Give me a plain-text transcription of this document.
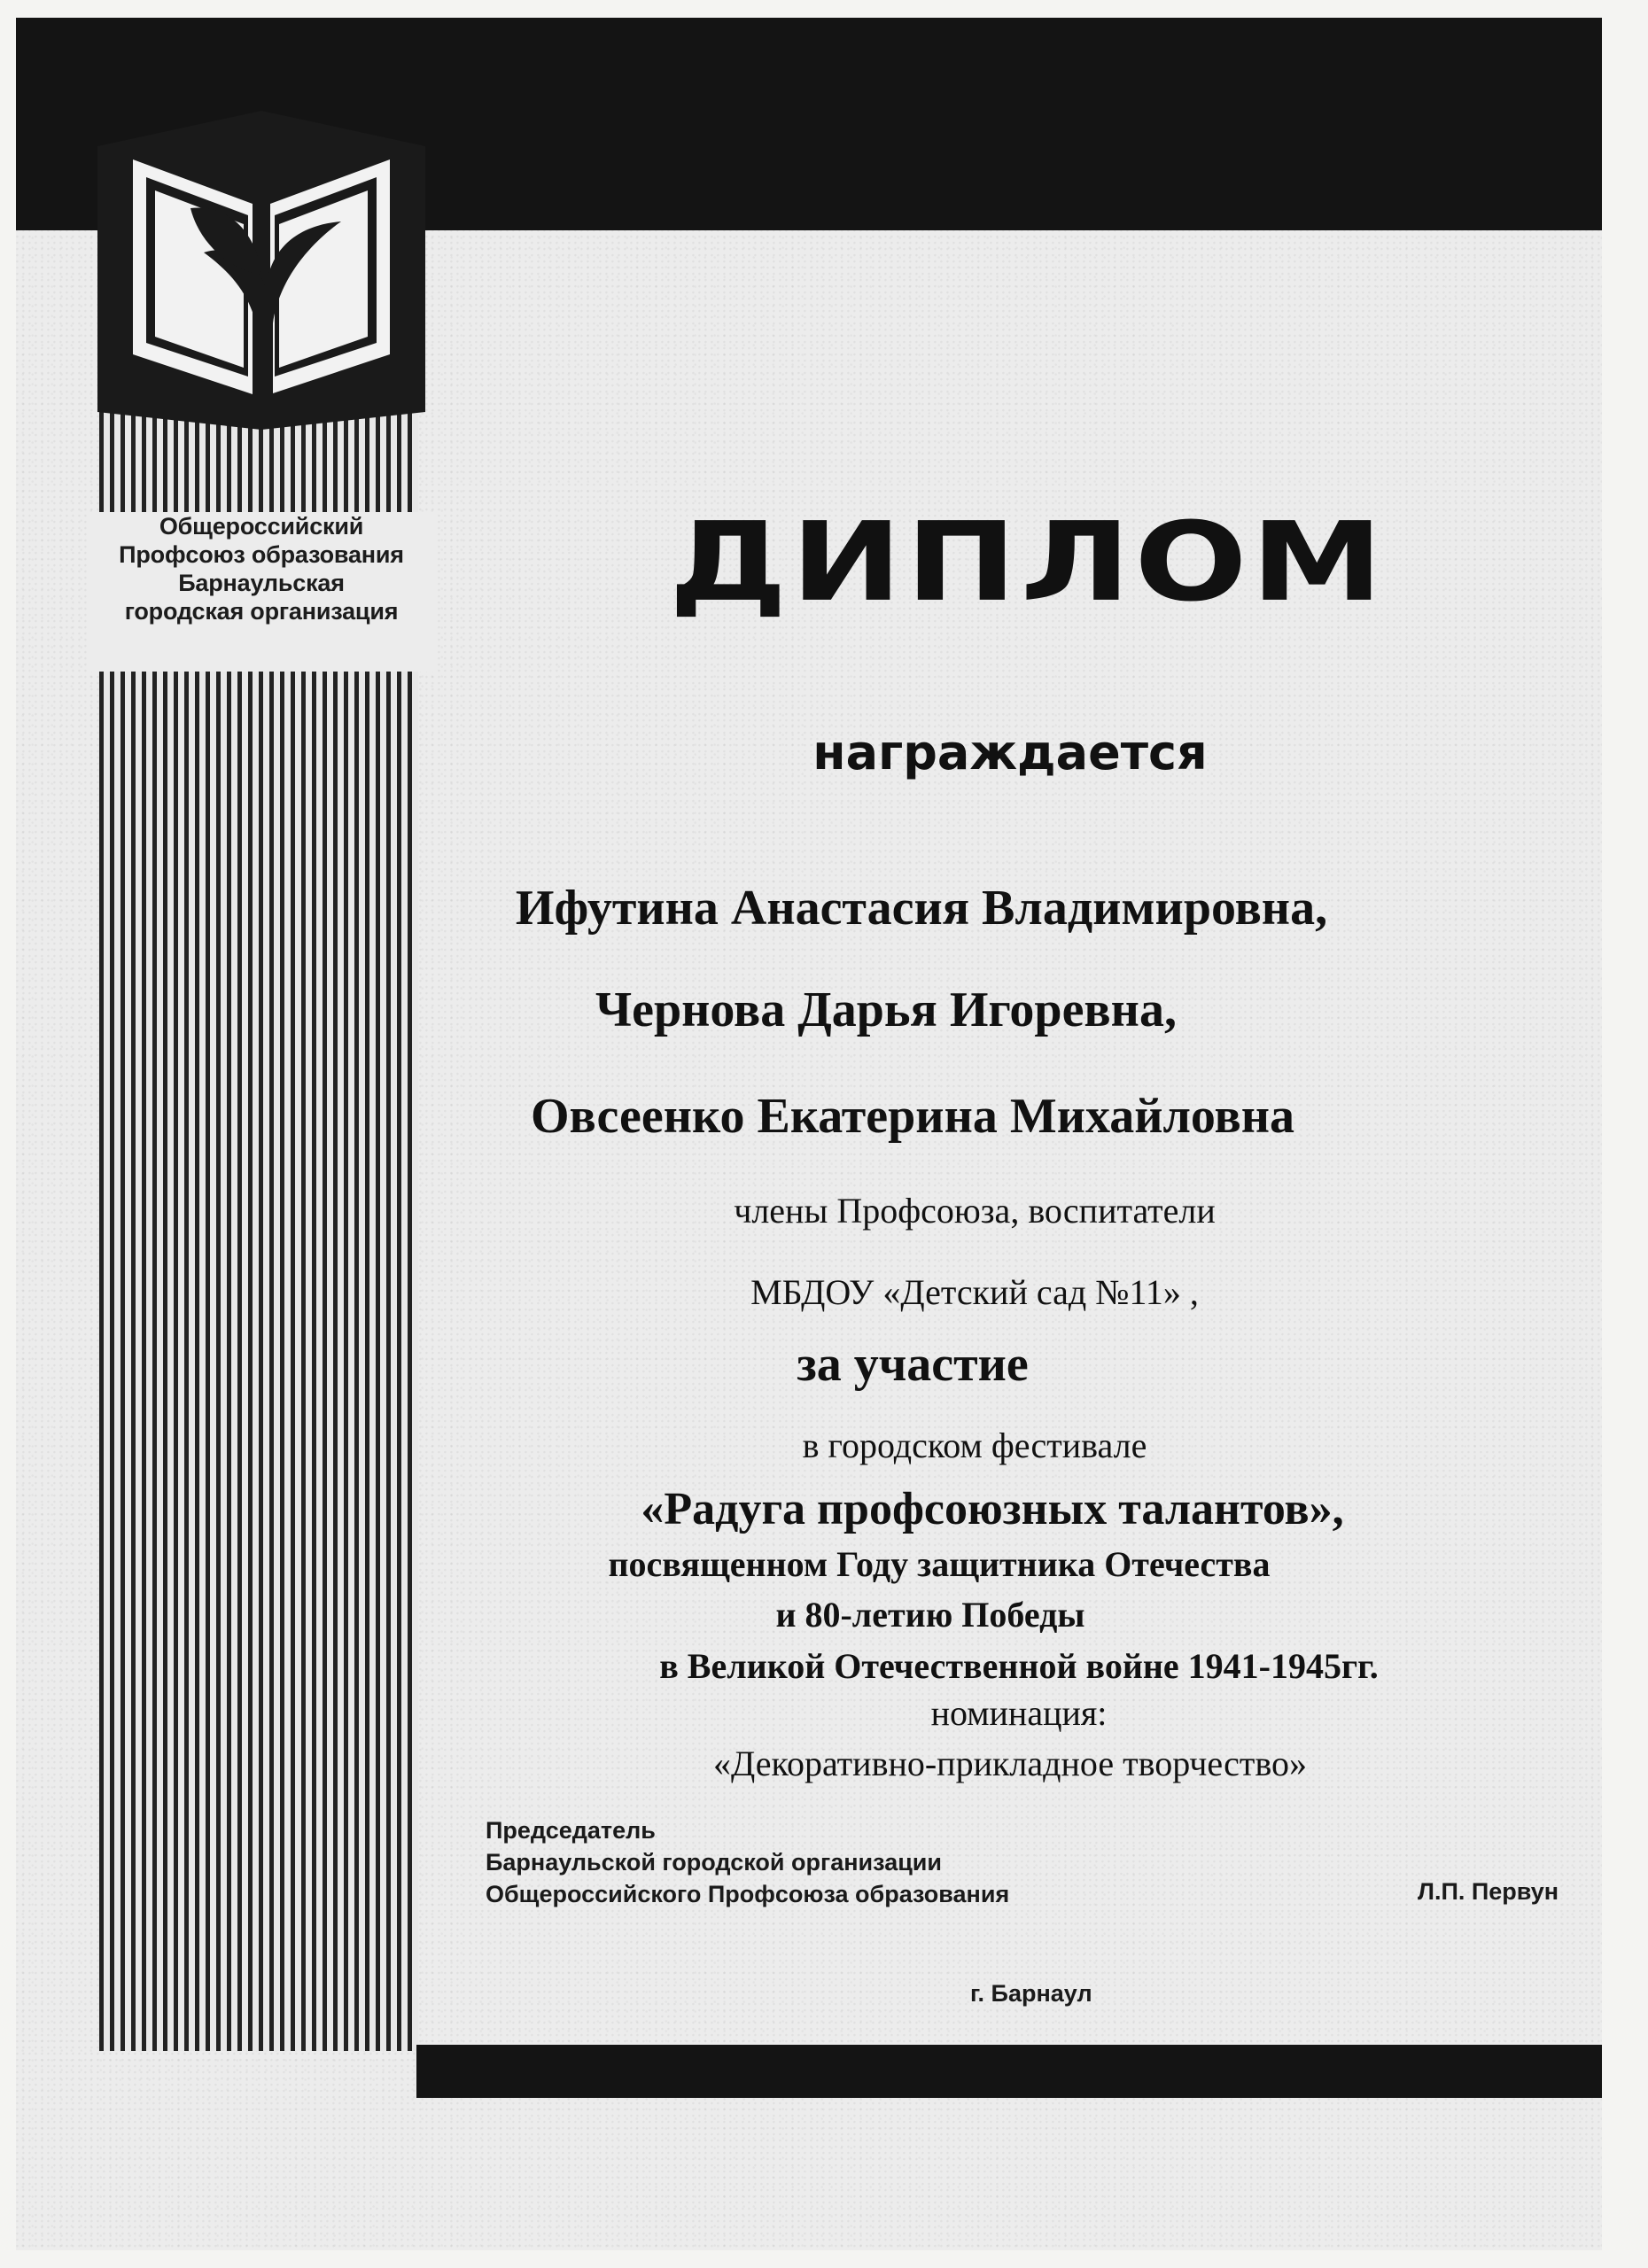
Общероссийский
Профсоюз образования
Барнаульская
городская организация	ДИПЛОМ
награждается
Ифутина Анастасия Владимировна,
Чернова Дарья Игоревна,
Овсеенко Екатерина Михайловна
члены Профсоюза, воспитатели
МБДОУ «Детский сад №11» ,
за участие
в городском фестивале
«Радуга профсоюзных талантов»,
посвященном Году защитника Отечества
и 80-летию Победы
в Великой Отечественной войне 1941-1945гг.
номинация:
«Декоративно-прикладное творчество»
Председатель
Барнаульской городской организации
Общероссийского Профсоюза образования	Л.П. Первун
г. Барнаул
